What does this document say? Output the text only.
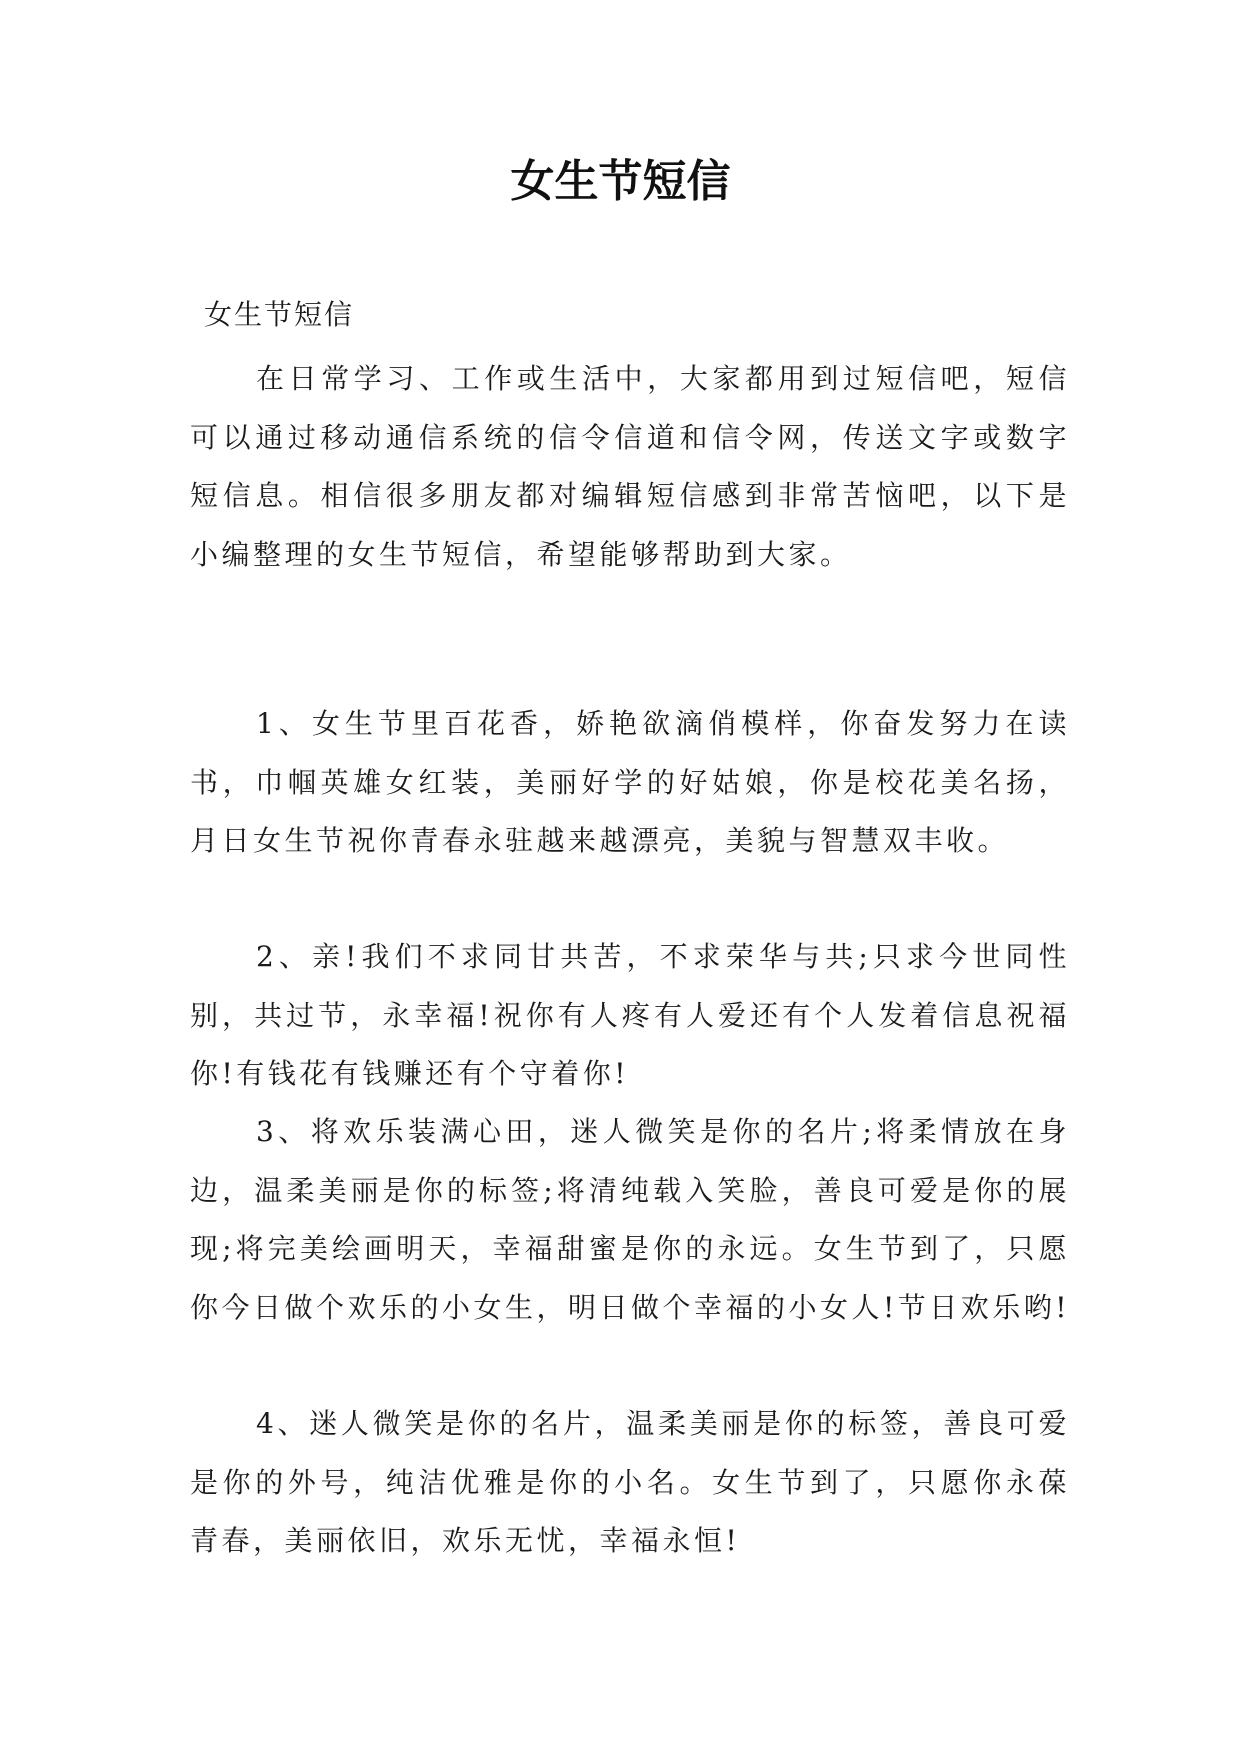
女生节短信

女生节短信

在日常学习、工作或生活中，大家都用到过短信吧，短信可以通过移动通信系统的信令信道和信令网，传送文字或数字短信息。相信很多朋友都对编辑短信感到非常苦恼吧，以下是小编整理的女生节短信，希望能够帮助到大家。

1、女生节里百花香，娇艳欲滴俏模样，你奋发努力在读书，巾帼英雄女红装，美丽好学的好姑娘，你是校花美名扬，月日女生节祝你青春永驻越来越漂亮，美貌与智慧双丰收。

2、亲!我们不求同甘共苦，不求荣华与共;只求今世同性别，共过节，永幸福!祝你有人疼有人爱还有个人发着信息祝福你!有钱花有钱赚还有个守着你!

3、将欢乐装满心田，迷人微笑是你的名片;将柔情放在身边，温柔美丽是你的标签;将清纯载入笑脸，善良可爱是你的展现;将完美绘画明天，幸福甜蜜是你的永远。女生节到了，只愿你今日做个欢乐的小女生，明日做个幸福的小女人!节日欢乐哟!

4、迷人微笑是你的名片，温柔美丽是你的标签，善良可爱是你的外号，纯洁优雅是你的小名。女生节到了，只愿你永葆青春，美丽依旧，欢乐无忧，幸福永恒!
